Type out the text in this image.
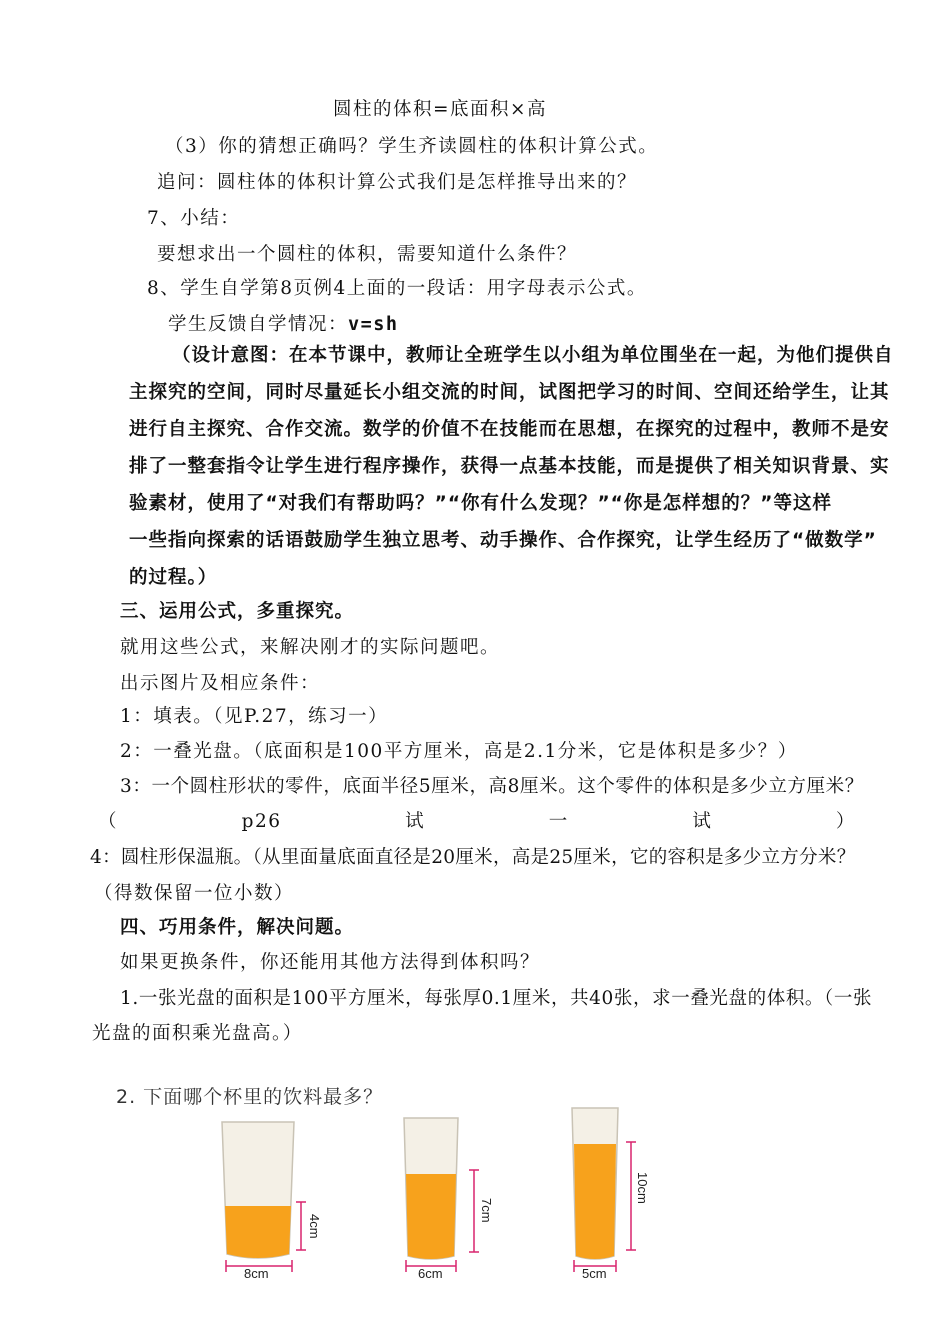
圆柱的体积=底面积×高
（3）你的猜想正确吗？学生齐读圆柱的体积计算公式。
追问：圆柱体的体积计算公式我们是怎样推导出来的？
7、小结：
要想求出一个圆柱的体积，需要知道什么条件？
8、学生自学第8页例4上面的一段话：用字母表示公式。
学生反馈自学情况：v=sh
（设计意图：在本节课中，教师让全班学生以小组为单位围坐在一起，为他们提供自
主探究的空间，同时尽量延长小组交流的时间，试图把学习的时间、空间还给学生，让其
进行自主探究、合作交流。数学的价值不在技能而在思想，在探究的过程中，教师不是安
排了一整套指令让学生进行程序操作，获得一点基本技能，而是提供了相关知识背景、实
验素材，使用了“对我们有帮助吗？”“你有什么发现？”“你是怎样想的？”等这样
一些指向探索的话语鼓励学生独立思考、动手操作、合作探究，让学生经历了“做数学”
的过程。）
三、运用公式，多重探究。
就用这些公式，来解决刚才的实际问题吧。
出示图片及相应条件：
1：填表。（见P.27，练习一）
2：一叠光盘。（底面积是100平方厘米，高是2.1分米，它是体积是多少？）
3：一个圆柱形状的零件，底面半径5厘米，高8厘米。这个零件的体积是多少立方厘米？
（	p26	试	一	试	）
4：圆柱形保温瓶。（从里面量底面直径是20厘米，高是25厘米，它的容积是多少立方分米？
（得数保留一位小数）
四、巧用条件，解决问题。
如果更换条件，你还能用其他方法得到体积吗？
1.一张光盘的面积是100平方厘米，每张厚0.1厘米，共40张，求一叠光盘的体积。（一张
光盘的面积乘光盘高。）
2. 下面哪个杯里的饮料最多？
8cm
4cm
6cm
7cm
5cm
10cm
